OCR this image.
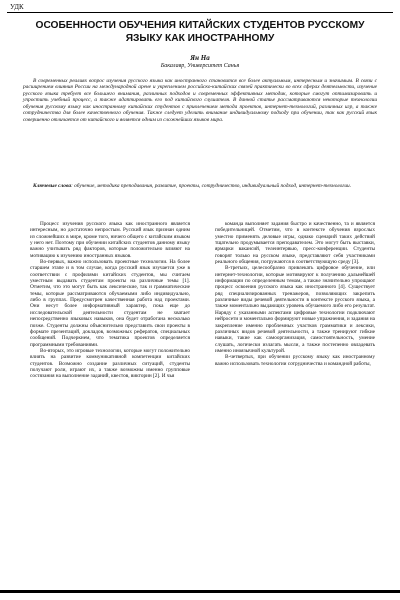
УДК
ОСОБЕННОСТИ ОБУЧЕНИЯ КИТАЙСКИХ СТУДЕНТОВ РУССКОМУ ЯЗЫКУ КАК ИНОСТРАННОМУ
Ян На
Бакалавр, Университет Санья
В современных реалиях вопрос изучения русского языка как иностранного становится все более актуальным, интересным и значимым. В связи с расширением влияния России на международной арене и укреплением российско-китайских связей практически во всех сферах деятельности, изучение русского языка требует все большего внимания, различных подходов и современных эффективных методик, которые смогут оптимизировать и упростить учебный процесс, а также адаптировать его под китайского слушателя. В данной статье рассматриваются некоторые технологии обучения русскому языку как иностранному китайских студентов с привлечением метода проектов, интернет-технологий, различных игр, а также сотрудничества для более качественного обучения. Также следует уделить внимание индивидуальному подходу при обучении, так как русский язык совершенно отличается от китайского и является одним из сложнейших языков мира.
Ключевые слова: обучение, методика преподавания, развитие, проекты, сотрудничество, индивидуальный подход, интернет-технологии.

Процесс изучения русского языка как иностранного является интересным, но достаточно непростым. Русский язык признан одним из сложнейших в мире, кроме того, ничего общего с китайским языком у него нет. Поэтому при обучении китайских студентов данному языку важно учитывать ряд факторов, которые положительно влияют на мотивацию к изучению иностранных языков.

Во-первых, важно использовать проектные технологии. На более старшем этапе и в том случае, когда русский язык изучается уже в соответствии с профилями китайских студентов, мы считаем уместным выдавать студентам проекты на различные темы [1]. Отметим, что это могут быть как лексические, так и грамматические темы, которые рассматриваются обучаемыми либо индивидуально, либо в группах. Предусмотрен качественная работа над проектами. Они несут более информативный характер, пока еще до исследовательской деятельности студентам не хватает непосредственно языковых навыков, она будет отработана несколько позже. Студенты должны объяснительно представить свои проекты в формате презентаций, докладов, возможных рефератов, специальных сообщений. Подчеркнем, что тематика проектов определяется программными требованиями.

Во-вторых, это игровые технологии, которые могут положительно влиять на развитие коммуникативной компетенции китайских студентов. Возможно создание различных ситуаций, студенты получают роли, играют их, а также возможны именно групповые состязания на выполнение заданий, квестов, викторин [2]. И чья

команда выполняет задания быстро и качественно, та и является победительницей. Отметим, что в контексте обучения взрослых уместно применять деловые игры, однако сценарий таких действий тщательно продумывается преподавателем. Это могут быть выставки, ярмарки вакансий, телеинтервью, пресс-конференции. Студенты говорят только на русском языке, представляют себя участниками реального общения, погружаются в соответствующую среду [3].

В-третьих, целесообразно привлекать цифровое обучение, или интернет-технологии, которые мотивируют к получению дальнейшей информации по определенным темам, а также значительно упрощают процесс освоения русского языка как иностранного [4]. Существует ряд специализированных тренажеров, позволяющих закрепить различные виды речевой деятельности в контексте русского языка, а также моментально выдающих уровень обучаемого либо его результат. Наряду с указанными аспектами цифровые технологии подключают нейросети и моментально формируют новые упражнения, и задания на закрепление именно проблемных участков грамматики и лексики, различных видов речевой деятельности, а также тренируют гибкие навыки, такие как самоорганизация, самостоятельность, умение слушать, логически излагать мысли, а также постепенно овладевать именно иноязычной культурой.

В-четвертых, при обучении русскому языку как иностранному важно использовать технологии сотрудничества и командной работы,
